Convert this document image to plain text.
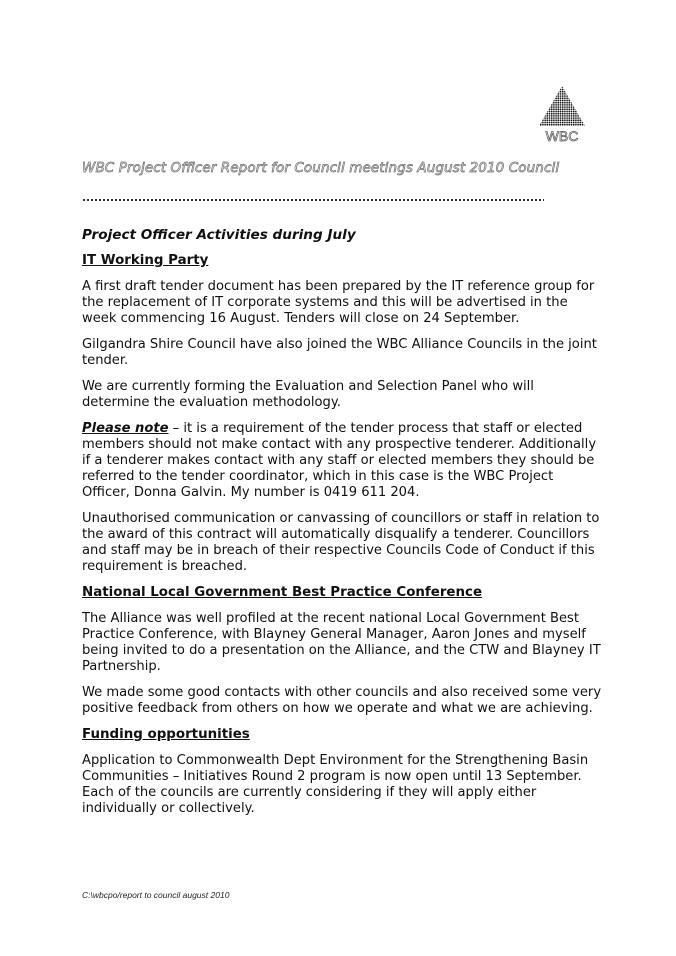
WBC
WBC Project Officer Report for Council meetings August 2010 Council

Project Officer Activities during July

IT Working Party

A first draft tender document has been prepared by the IT reference group for the replacement of IT corporate systems and this will be advertised in the week commencing 16 August. Tenders will close on 24 September.

Gilgandra Shire Council have also joined the WBC Alliance Councils in the joint tender.

We are currently forming the Evaluation and Selection Panel who will determine the evaluation methodology.

Please note – it is a requirement of the tender process that staff or elected members should not make contact with any prospective tenderer. Additionally if a tenderer makes contact with any staff or elected members they should be referred to the tender coordinator, which in this case is the WBC Project Officer, Donna Galvin. My number is 0419 611 204.

Unauthorised communication or canvassing of councillors or staff in relation to the award of this contract will automatically disqualify a tenderer. Councillors and staff may be in breach of their respective Councils Code of Conduct if this requirement is breached.

National Local Government Best Practice Conference

The Alliance was well profiled at the recent national Local Government Best Practice Conference, with Blayney General Manager, Aaron Jones and myself being invited to do a presentation on the Alliance, and the CTW and Blayney IT Partnership.

We made some good contacts with other councils and also received some very positive feedback from others on how we operate and what we are achieving.

Funding opportunities

Application to Commonwealth Dept Environment for the Strengthening Basin Communities – Initiatives Round 2 program is now open until 13 September. Each of the councils are currently considering if they will apply either individually or collectively.

C:\wbcpo/report to council august 2010
